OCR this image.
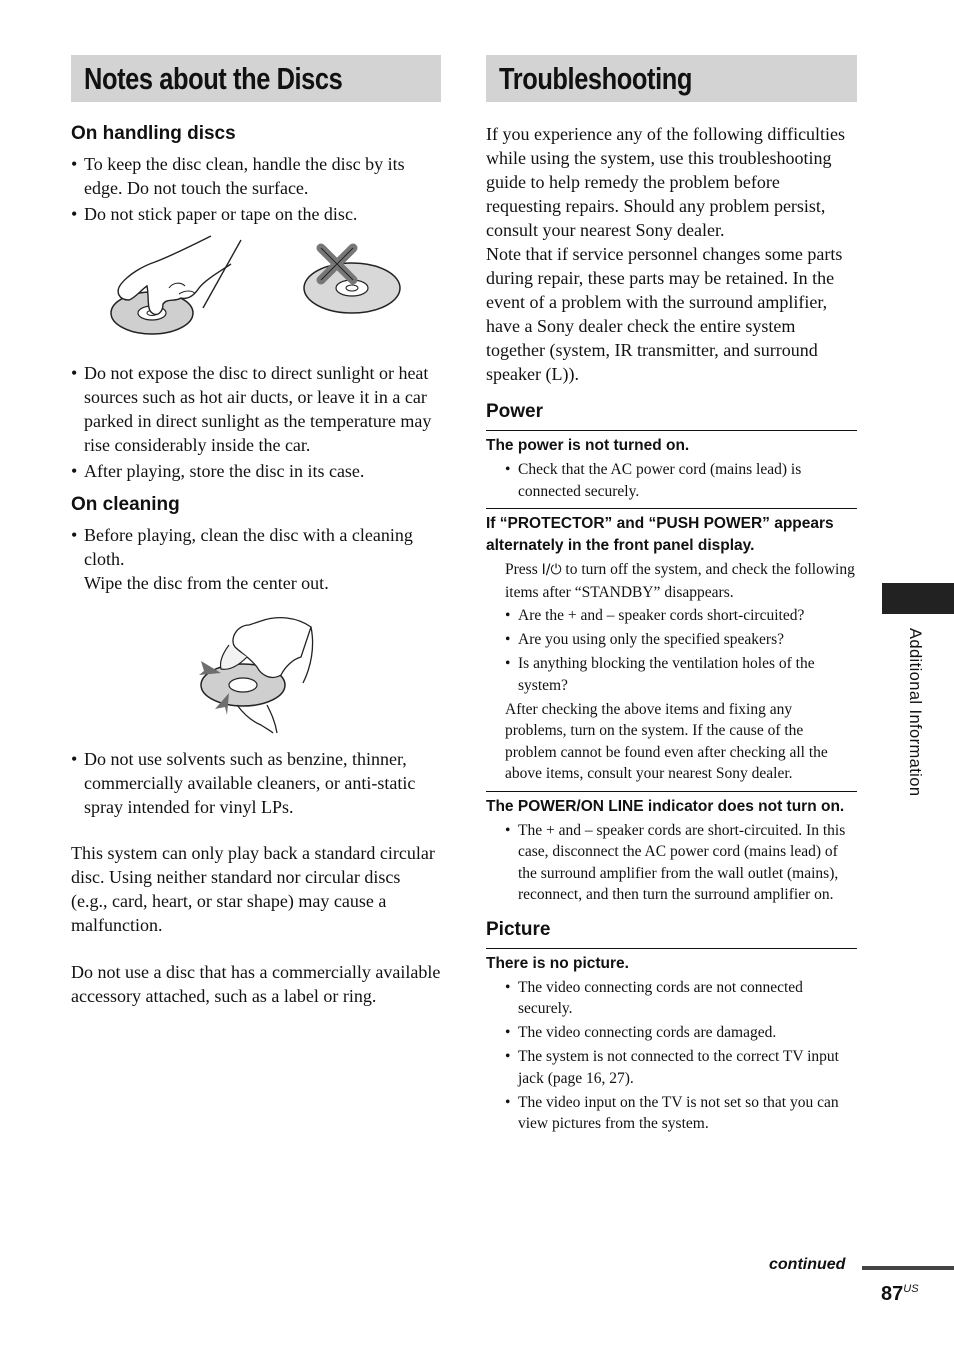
Notes about the Discs
On handling discs
• To keep the disc clean, handle the disc by its edge. Do not touch the surface.
• Do not stick paper or tape on the disc.
• Do not expose the disc to direct sunlight or heat sources such as hot air ducts, or leave it in a car parked in direct sunlight as the temperature may rise considerably inside the car.
• After playing, store the disc in its case.
On cleaning
• Before playing, clean the disc with a cleaning cloth.
Wipe the disc from the center out.
• Do not use solvents such as benzine, thinner, commercially available cleaners, or anti-static spray intended for vinyl LPs.

This system can only play back a standard circular disc. Using neither standard nor circular discs (e.g., card, heart, or star shape) may cause a malfunction.

Do not use a disc that has a commercially available accessory attached, such as a label or ring.

Troubleshooting

If you experience any of the following difficulties while using the system, use this troubleshooting guide to help remedy the problem before requesting repairs. Should any problem persist, consult your nearest Sony dealer.

Note that if service personnel changes some parts during repair, these parts may be retained. In the event of a problem with the surround amplifier, have a Sony dealer check the entire system together (system, IR transmitter, and surround speaker (L)).

Power
The power is not turned on.
• Check that the AC power cord (mains lead) is connected securely.
If “PROTECTOR” and “PUSH POWER” appears alternately in the front panel display.

Press I/⏻ to turn off the system, and check the following items after “STANDBY” disappears.

• Are the + and – speaker cords short-circuited?
• Are you using only the specified speakers?
• Is anything blocking the ventilation holes of the system?

After checking the above items and fixing any problems, turn on the system. If the cause of the problem cannot be found even after checking all the above items, consult your nearest Sony dealer.

The POWER/ON LINE indicator does not turn on.
• The + and – speaker cords are short-circuited. In this case, disconnect the AC power cord (mains lead) of the surround amplifier from the wall outlet (mains), reconnect, and then turn the surround amplifier on.
Picture
There is no picture.
• The video connecting cords are not connected securely.
• The video connecting cords are damaged.
• The system is not connected to the correct TV input jack (page 16, 27).
• The video input on the TV is not set so that you can view pictures from the system.
Additional Information
continued
$87^{US}$
